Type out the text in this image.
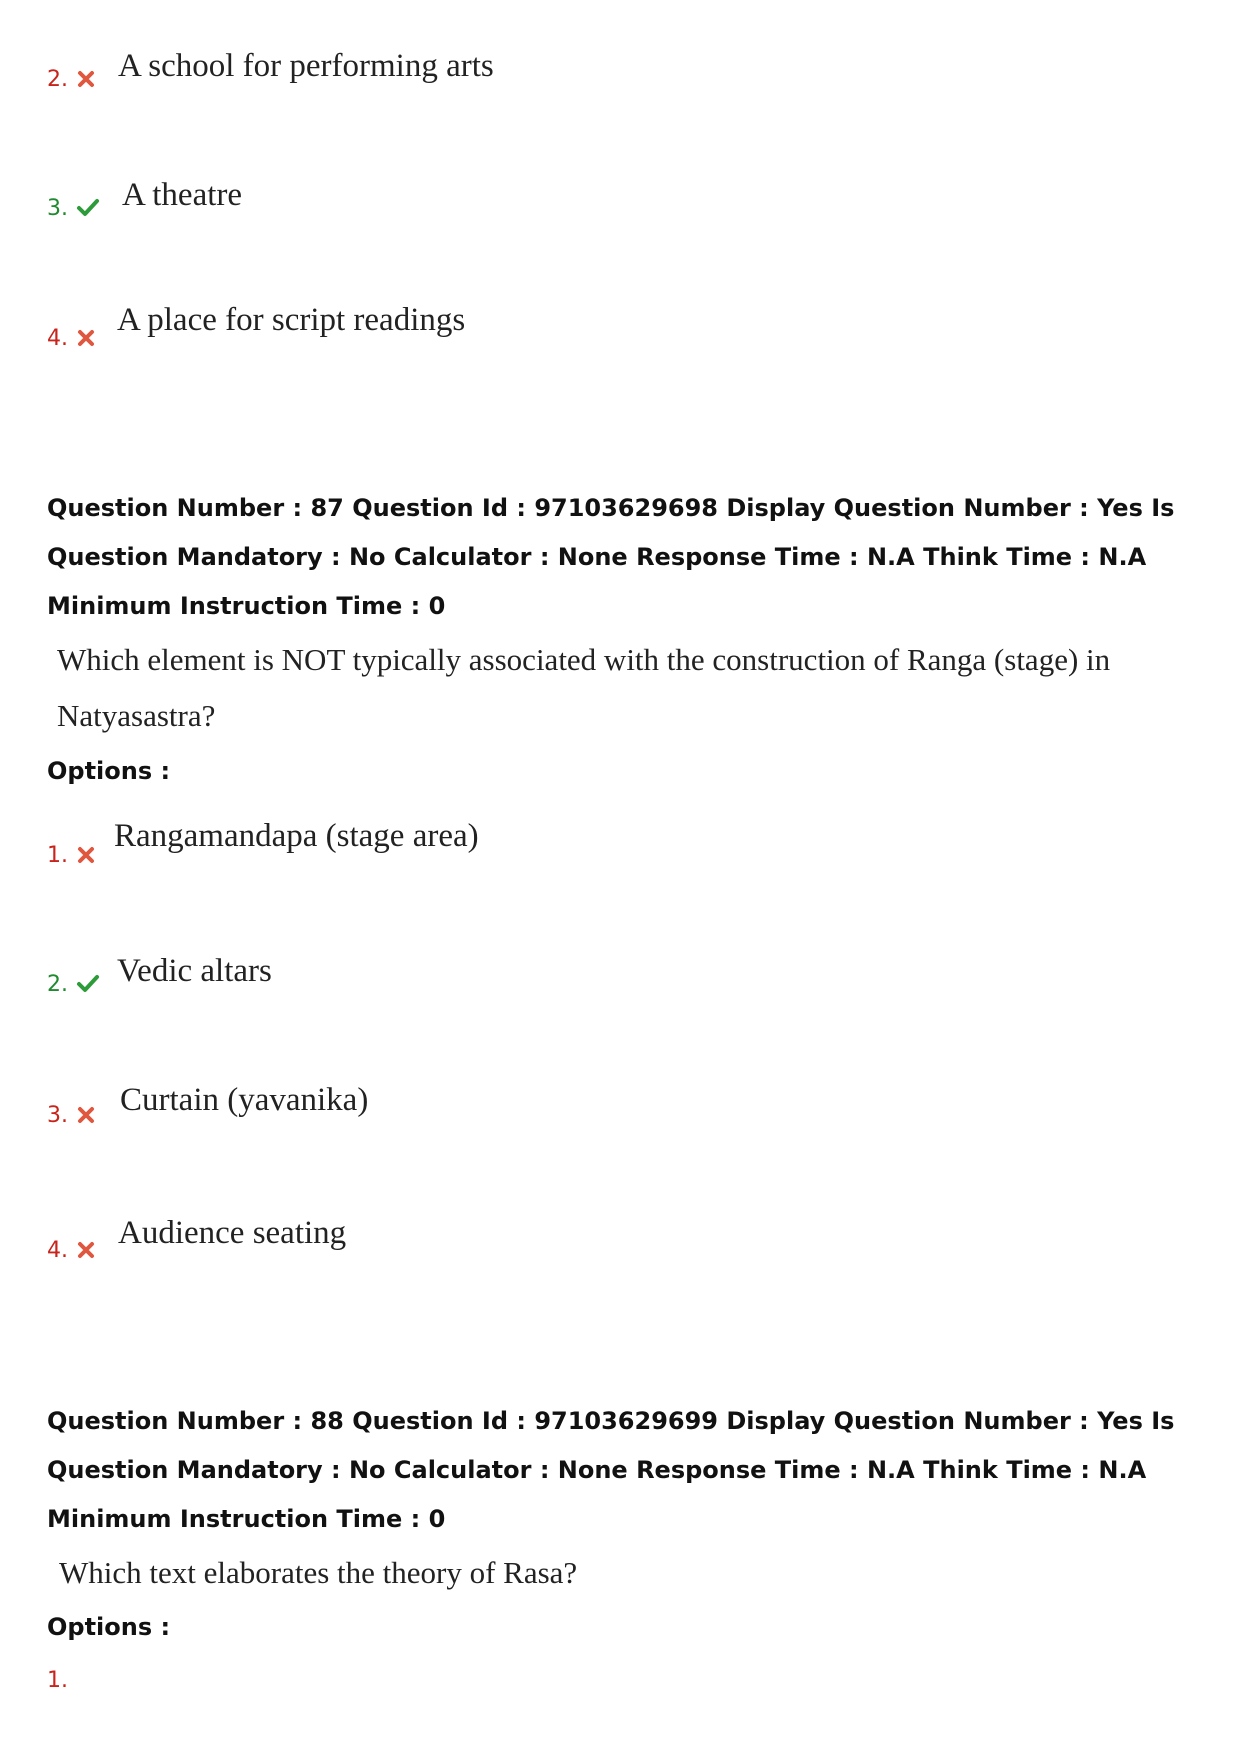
2. A school for performing arts
3. A theatre
4.
A place for script readings
Question Number : 87 Question Id : 97103629698 Display Question Number : Yes Is Question Mandatory : No Calculator : None Response Time : N.A Think Time : N.A Minimum Instruction Time : 0
Which element is NOT typically associated with the construction of Ranga (stage) in
Natyasastra?
Options :
1.
Rangamandapa (stage area)
2. Vedic altars
3. Curtain (yavanika)
4. Audience seating
Question Number : 88 Question Id : 97103629699 Display Question Number : Yes Is Question Mandatory : No Calculator : None Response Time : N.A Think Time : N.A Minimum Instruction Time : 0
Which text elaborates the theory of Rasa?
Options :
1.
